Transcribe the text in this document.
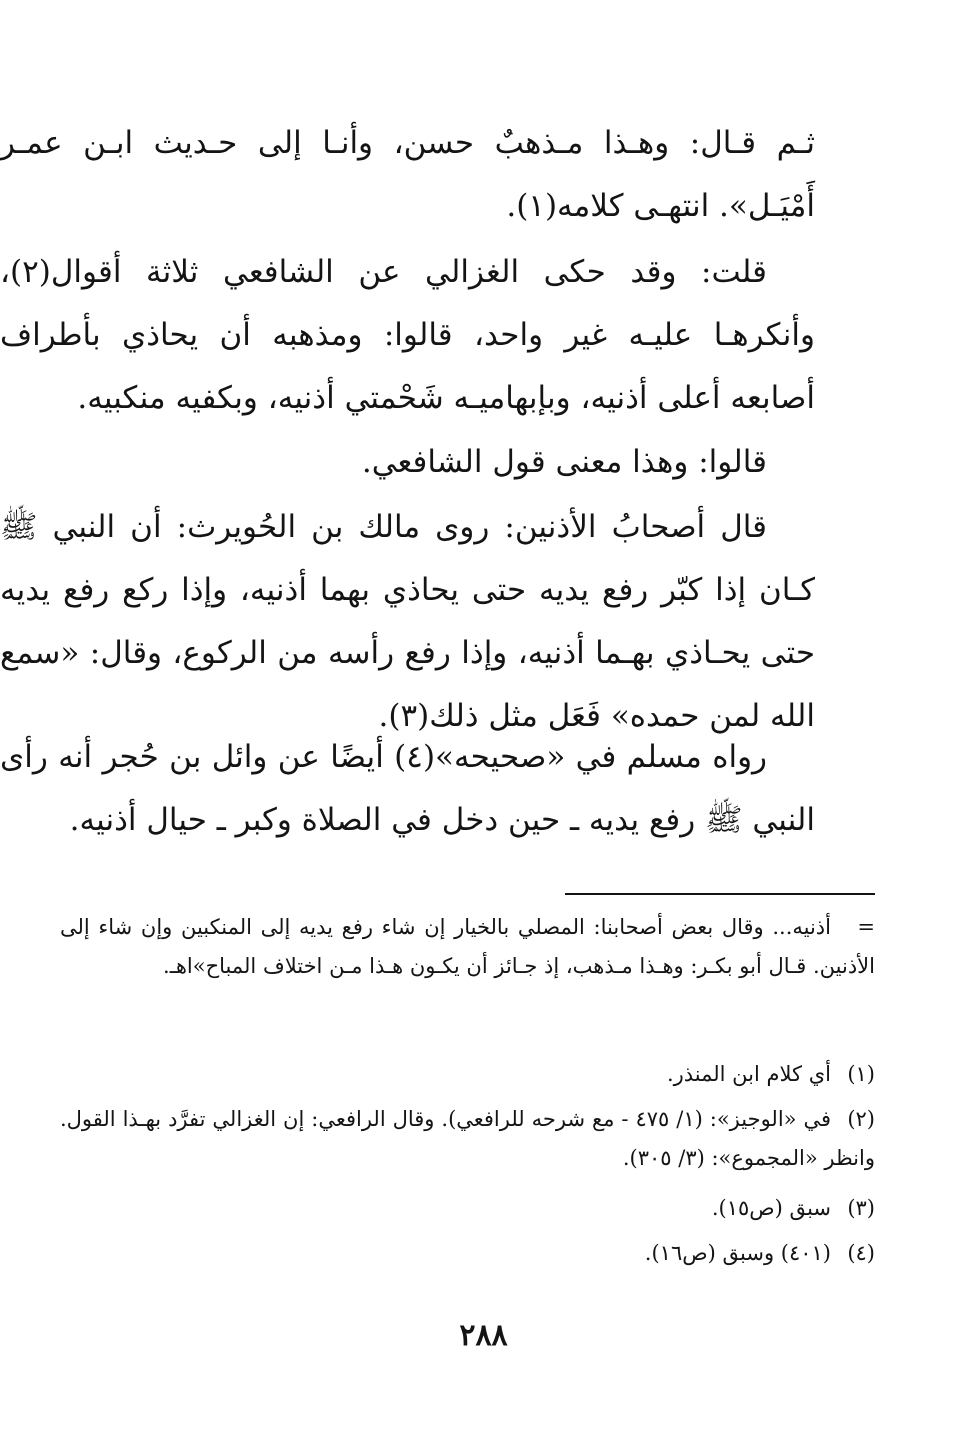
ثـم قـال: وهـذا مـذهبٌ حسن، وأنـا إلى حـديث ابـن عمـر أَمْيَـل». انتهـى كلامه(١).

قلت: وقد حكى الغزالي عن الشافعي ثلاثة أقوال(٢)، وأنكرهـا عليـه غير واحد، قالوا: ومذهبه أن يحاذي بأطراف أصابعه أعلى أذنيه، وبإبهاميـه شَحْمتي أذنيه، وبكفيه منكبيه.

قالوا: وهذا معنى قول الشافعي.

قال أصحابُ الأذنين: روى مالك بن الحُويرث: أن النبي ﷺ كـان إذا كبّر رفع يديه حتى يحاذي بهما أذنيه، وإذا ركع رفع يديه حتى يحـاذي بهـما أذنيه، وإذا رفع رأسه من الركوع، وقال: «سمع الله لمن حمده» فَعَل مثل ذلك(٣).

رواه مسلم في «صحيحه»(٤) أيضًا عن وائل بن حُجر أنه رأى النبي ﷺ رفع يديه ـ حين دخل في الصلاة وكبر ـ حيال أذنيه.

=أذنيه... وقال بعض أصحابنا: المصلي بالخيار إن شاء رفع يديه إلى المنكبين وإن شاء إلى الأذنين. قـال أبو بكـر: وهـذا مـذهب، إذ جـائز أن يكـون هـذا مـن اختلاف المباح»اهـ.

(١)أي كلام ابن المنذر.

(٢)في «الوجيز»: (١/ ٤٧٥ - مع شرحه للرافعي). وقال الرافعي: إن الغزالي تفرَّد بهـذا القول. وانظر «المجموع»: (٣/ ٣٠٥).

(٣)سبق (ص١٥).

(٤)(٤٠١) وسبق (ص١٦).

٢٨٨
